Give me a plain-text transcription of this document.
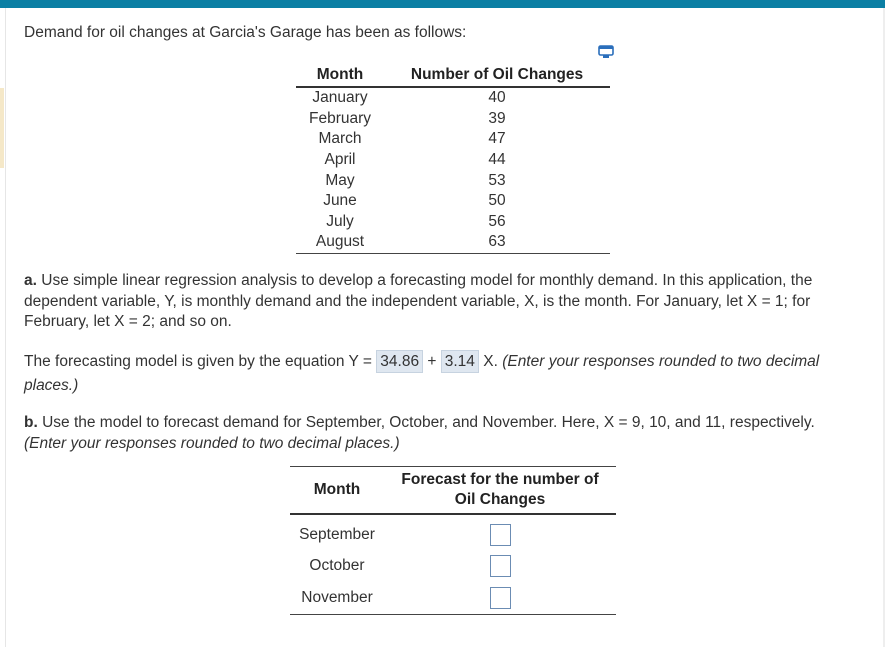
Demand for oil changes at Garcia's Garage has been as follows:
Month	Number of Oil Changes
January	40
February	39
March	47
April	44
May	53
June	50
July	56
August	63
a. Use simple linear regression analysis to develop a forecasting model for monthly demand. In this application, the dependent variable, Y, is monthly demand and the independent variable, X, is the month. For January, let X = 1; for February, let X = 2; and so on.
The forecasting model is given by the equation Y = 34.86 + 3.14 X. (Enter your responses rounded to two decimal places.)
b. Use the model to forecast demand for September, October, and November. Here, X = 9, 10, and 11, respectively.
(Enter your responses rounded to two decimal places.)
Month	Forecast for the number of
Oil Changes
September	
October	
November	
